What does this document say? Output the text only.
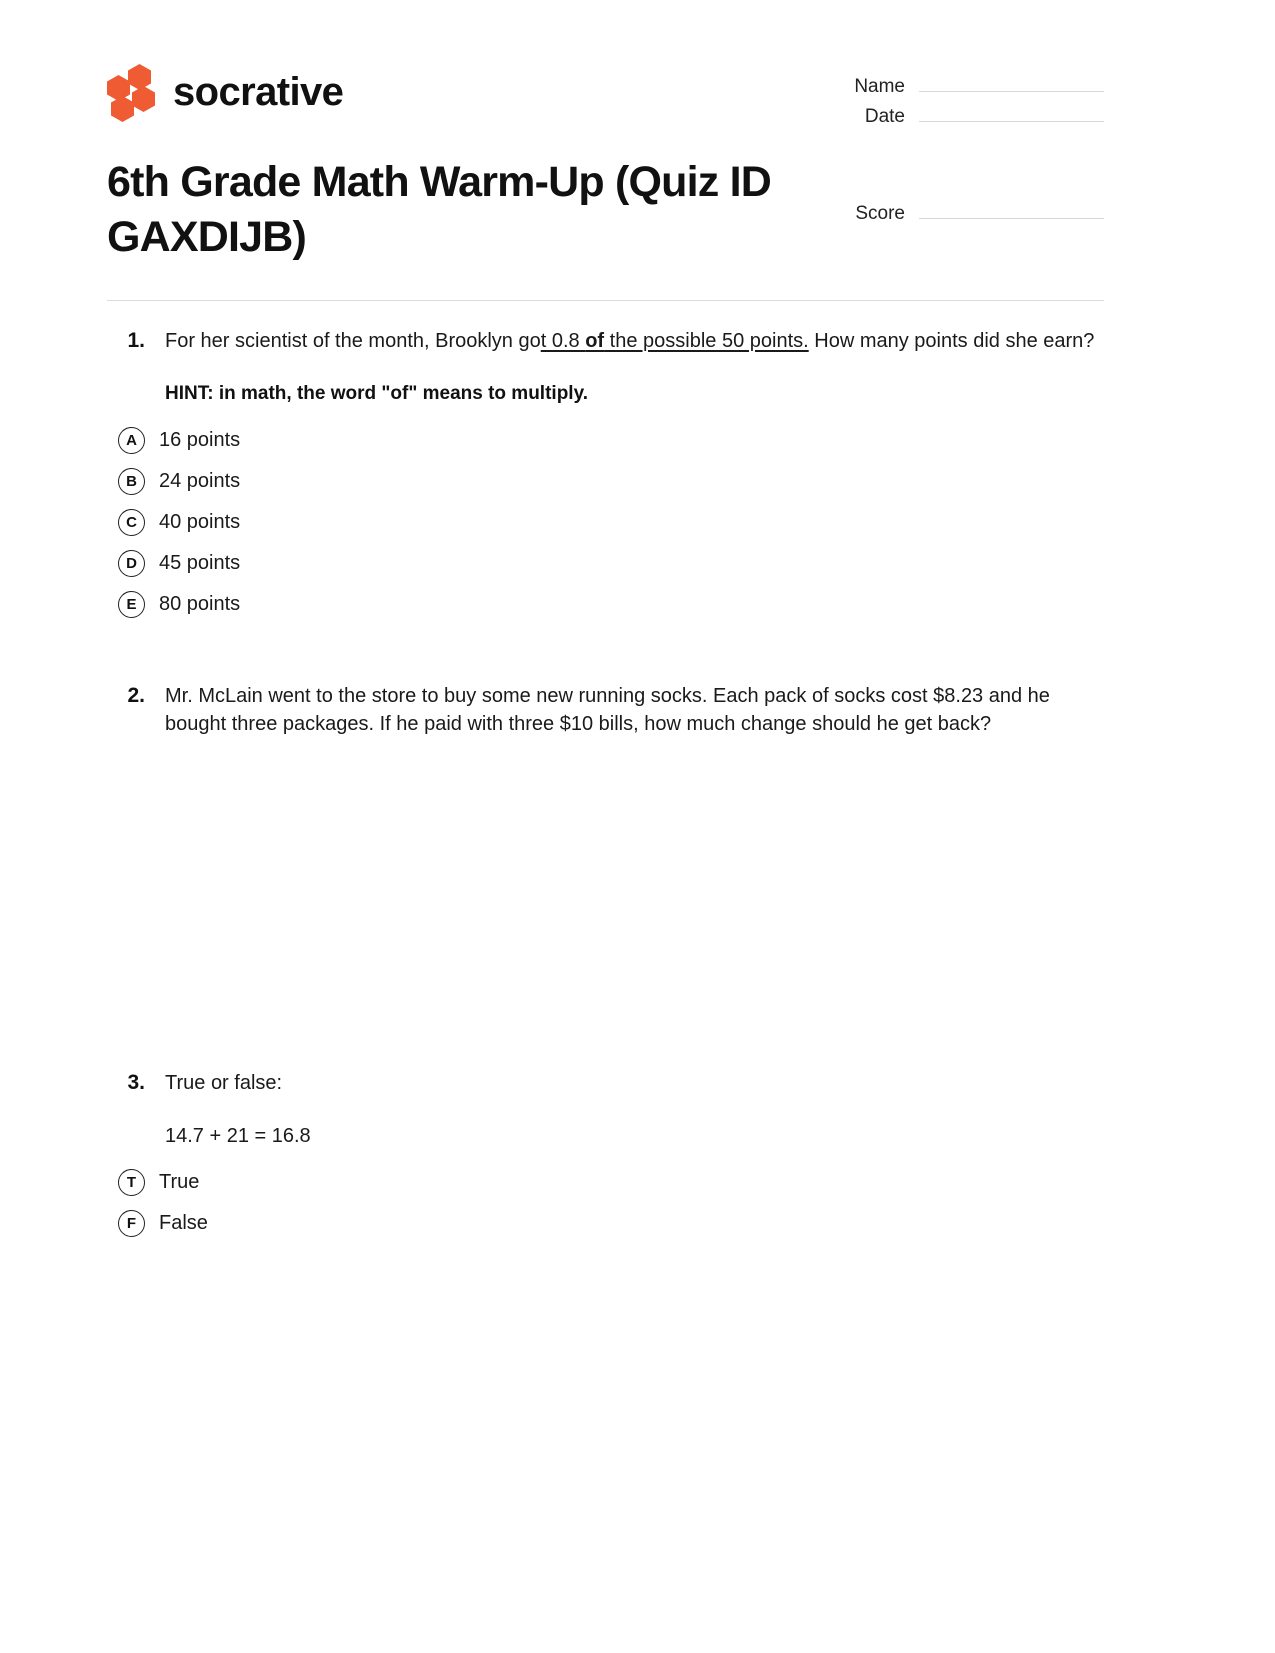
socrative	Name
Date
Score
6th Grade Math Warm-Up (Quiz ID GAXDIJB)
1.	For her scientist of the month, Brooklyn got 0.8 of the possible 50 points. How many points did she earn?
HINT: in math, the word "of" means to multiply.
A	16 points
B	24 points
C	40 points
D	45 points
E	80 points
2.	Mr. McLain went to the store to buy some new running socks. Each pack of socks cost $8.23 and he bought three packages. If he paid with three $10 bills, how much change should he get back?
3.	True or false:
14.7 + 21 = 16.8
T	True
F	False
